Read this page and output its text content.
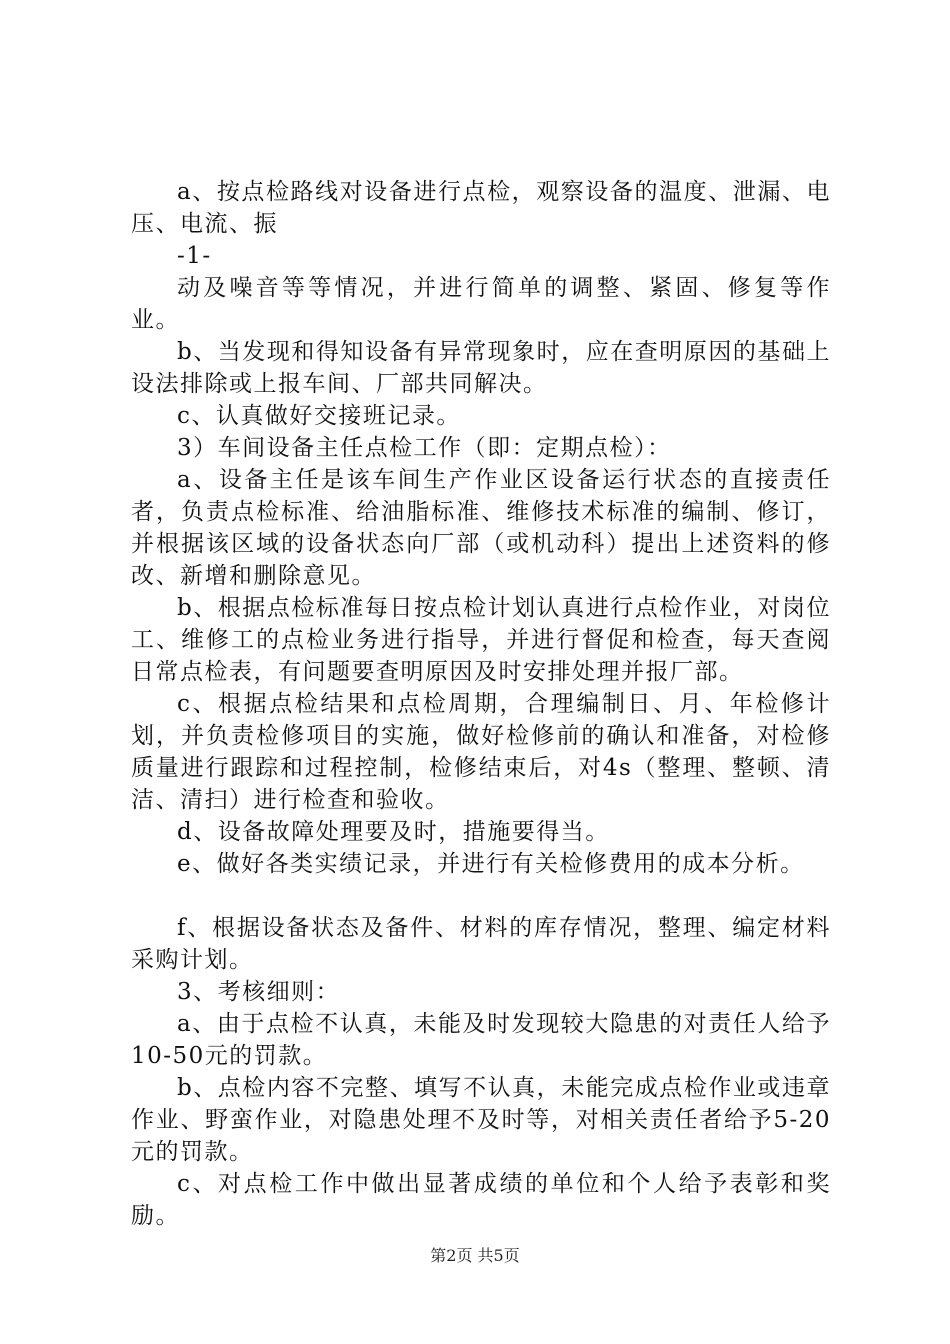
a、按点检路线对设备进行点检，观察设备的温度、泄漏、电压、电流、振

-1-

动及噪音等等情况，并进行简单的调整、紧固、修复等作业。

b、当发现和得知设备有异常现象时，应在查明原因的基础上设法排除或上报车间、厂部共同解决。

c、认真做好交接班记录。

3）车间设备主任点检工作（即：定期点检）：

a、设备主任是该车间生产作业区设备运行状态的直接责任者，负责点检标准、给油脂标准、维修技术标准的编制、修订，并根据该区域的设备状态向厂部（或机动科）提出上述资料的修改、新增和删除意见。

b、根据点检标准每日按点检计划认真进行点检作业，对岗位工、维修工的点检业务进行指导，并进行督促和检查，每天查阅日常点检表，有问题要查明原因及时安排处理并报厂部。

c、根据点检结果和点检周期，合理编制日、月、年检修计划，并负责检修项目的实施，做好检修前的确认和准备，对检修质量进行跟踪和过程控制，检修结束后，对4s（整理、整顿、清洁、清扫）进行检查和验收。

d、设备故障处理要及时，措施要得当。

e、做好各类实绩记录，并进行有关检修费用的成本分析。

f、根据设备状态及备件、材料的库存情况，整理、编定材料采购计划。

3、考核细则：

a、由于点检不认真，未能及时发现较大隐患的对责任人给予10-50元的罚款。

b、点检内容不完整、填写不认真，未能完成点检作业或违章作业、野蛮作业，对隐患处理不及时等，对相关责任者给予5-20元的罚款。

c、对点检工作中做出显著成绩的单位和个人给予表彰和奖励。

第2页 共5页
